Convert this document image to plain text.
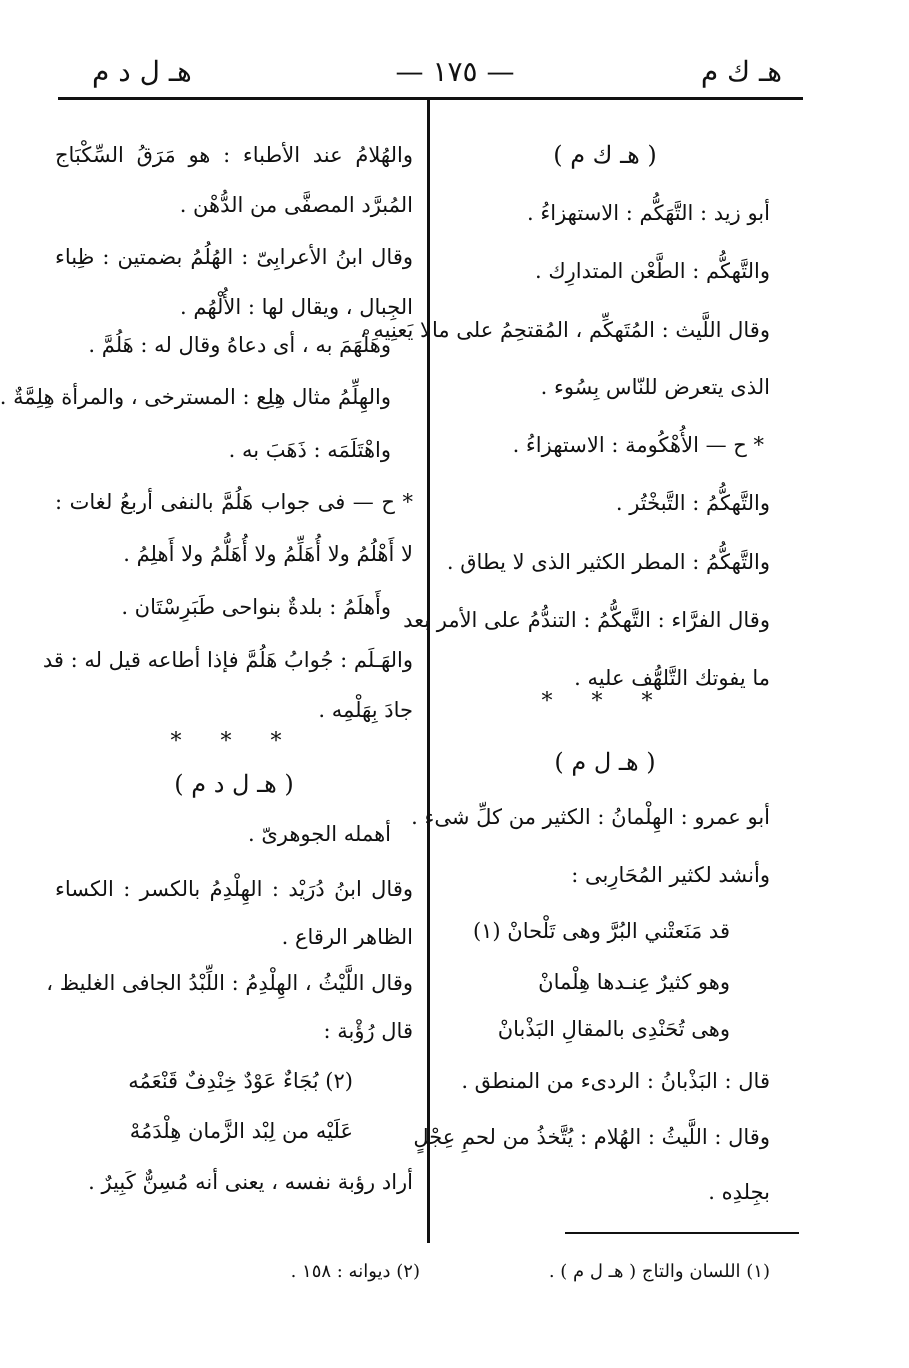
هـ ك م
— ١٧٥ —
هـ ل د م
( هـ ك م )
أبو زيد : التَّهَكُّم : الاستهزاءُ .
والتَّهكُّم : الطَّعْن المتدارِك .
وقال اللَّيث : المُتَهكِّم ، المُقتحِمُ على مالا يَعنِيه ،
الذى يتعرض للنّاس بِسُوء .
* ح — الأُهْكُومة : الاستهزاءُ .
والتَّهكُّمُ : التَّبخْتُر .
والتَّهكُّمُ : المطر الكثير الذى لا يطاق .
وقال الفرَّاء : التَّهكُّمُ : التندُّمُ على الأمر بعد
ما يفوتك التَّلهُّف عليه .
* * *
( هـ ل م )
أبو عمرو : الهِلْمانُ : الكثير من كلِّ شىء .
وأنشد لكثير المُحَارِبى :
قد مَنَعتْني البُرَّ وهى تَلْحانْ (١)
وهو كثيرٌ عِنـدها هِلْمانْ
وهى تُحَنْدِى بالمقالِ البَذْبانْ
قال : البَذْبانُ : الردىء من المنطق .
وقال : اللَّيثُ : الهُلام : يُتَّخذُ من لحمِ عِجْلٍ
بجِلدِه .
والهُلامُ عند الأطباء : هو مَرَقُ السِّكْبَاج
المُبرَّد المصفَّى من الدُّهْن .
وقال ابنُ الأعرابِىّ : الهُلُمُ بضمتين : ظِباء
الجِبال ، ويقال لها : الأُلْهُم .
وهَلْهَمَ به ، أى دعاهُ وقال له : هَلُمَّ .
والهِلِّمُ مثال هِلِع : المسترخى ، والمرأة هِلِمَّةٌ .
واهْتَلَمَه : ذَهَبَ به .
* ح — فى جواب هَلُمَّ بالنفى أربعُ لغات :
لا أَهْلُمُ ولا أُهَلِّمُ ولا أُهَلُّمُ ولا أَهلِمُ .
وأَهلَمُ : بلدةٌ بنواحى طَبَرِسْتَان .
والهَـلَم : جُوابُ هَلُمَّ فإذا أطاعه قيل له : قد
جادَ بِهَلْمِه .
* * *
( هـ ل د م )
أهمله الجوهرىّ .
وقال ابنُ دُرَيْد : الهِلْدِمُ بالكسر : الكساء
الظاهر الرقاع .
وقال اللَّيْثُ ، الهِلْدِمُ : اللِّبْدُ الجافى الغليظ ،
قال رُؤْبة :
(٢) بُجَاءٌ عَوْدٌ خِنْدِفٌ قَنْعَمُه
عَلَيْه من لِبْد الزَّمان هِلْدَمُهْ
أراد رؤبة نفسه ، يعنى أنه مُسِنٌّ كَبِيرٌ .
(١) اللسان والتاج ( هـ ل م ) .
(٢) ديوانه : ١٥٨ .
